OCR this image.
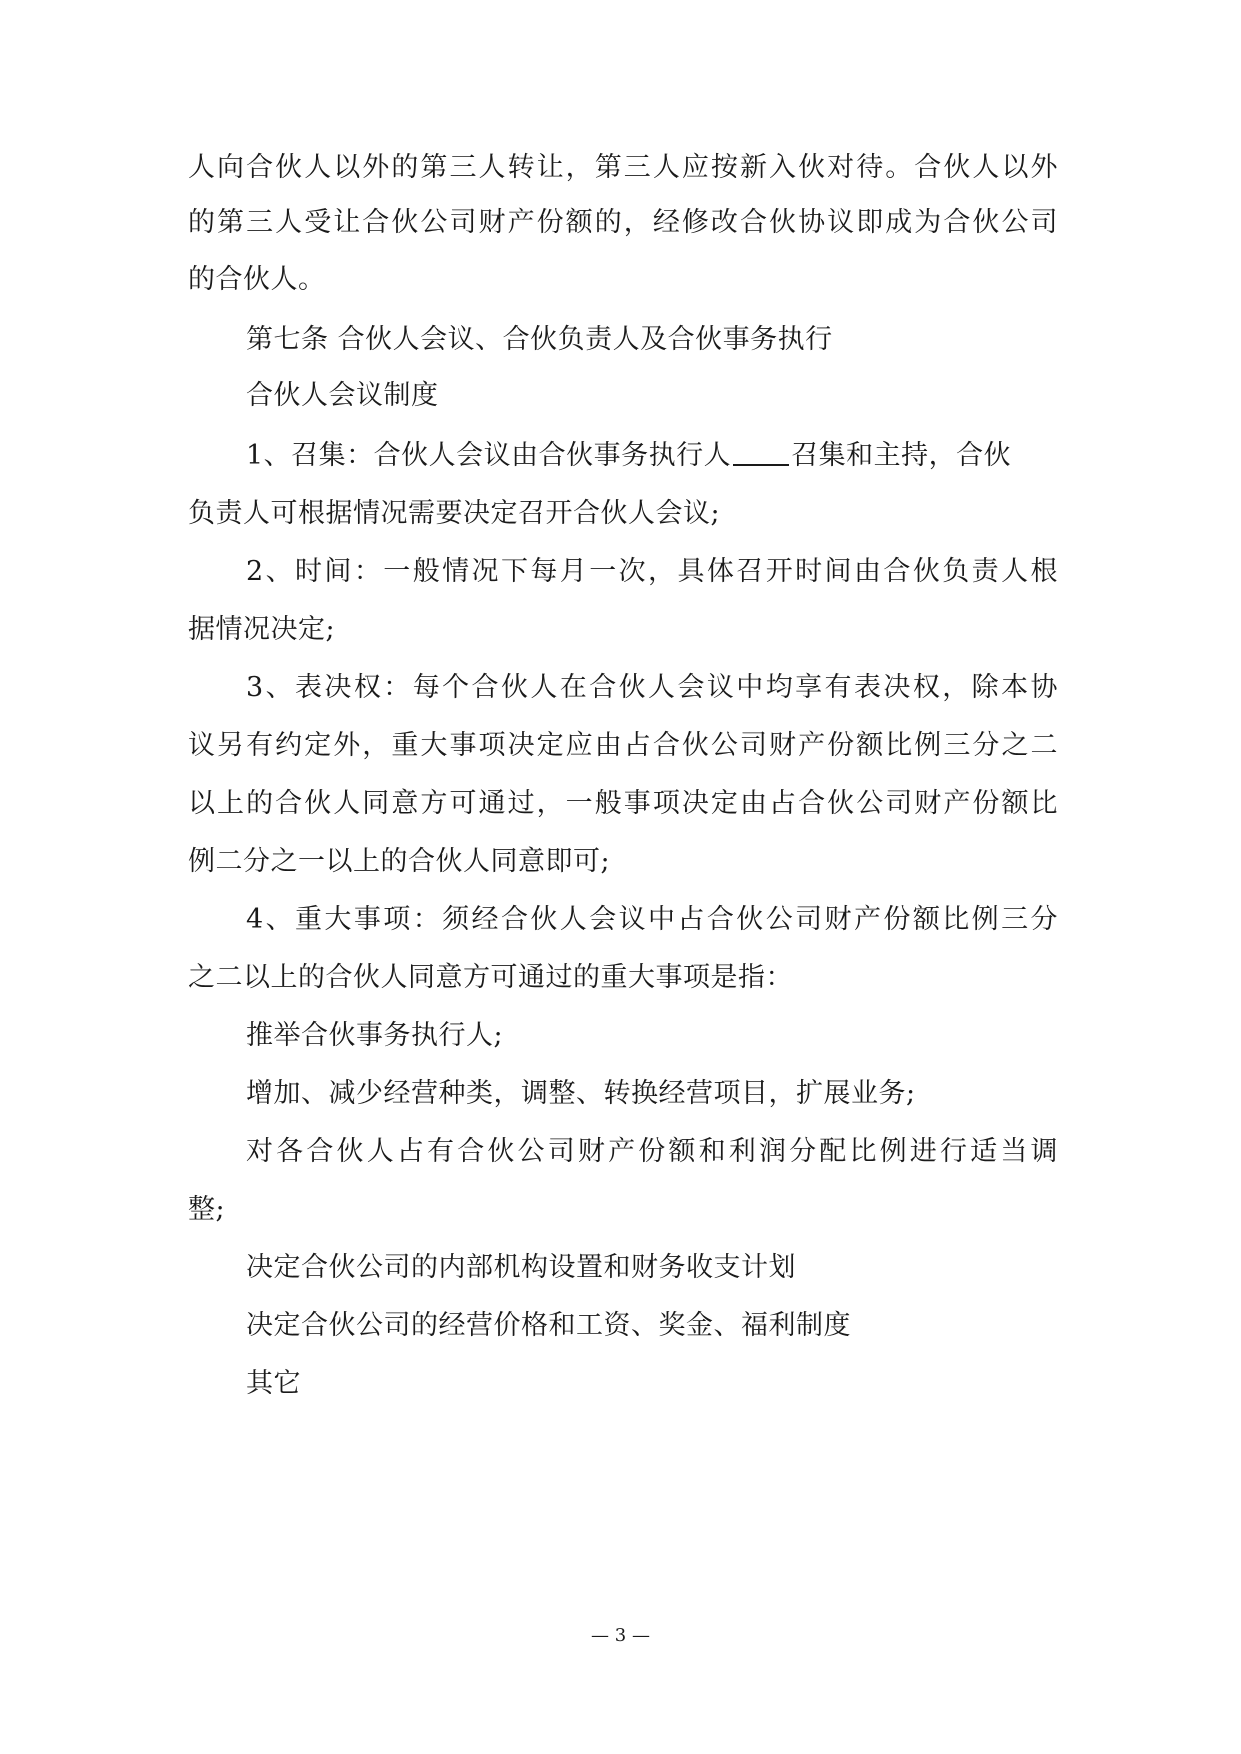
人向合伙人以外的第三人转让，第三人应按新入伙对待。合伙人以外
的第三人受让合伙公司财产份额的，经修改合伙协议即成为合伙公司
的合伙人。
第七条 合伙人会议、合伙负责人及合伙事务执行
合伙人会议制度
1、召集：合伙人会议由合伙事务执行人 召集和主持，合伙
负责人可根据情况需要决定召开合伙人会议;
2、时间：一般情况下每月一次，具体召开时间由合伙负责人根
据情况决定;
3、表决权：每个合伙人在合伙人会议中均享有表决权，除本协
议另有约定外，重大事项决定应由占合伙公司财产份额比例三分之二
以上的合伙人同意方可通过，一般事项决定由占合伙公司财产份额比
例二分之一以上的合伙人同意即可;
4、重大事项：须经合伙人会议中占合伙公司财产份额比例三分
之二以上的合伙人同意方可通过的重大事项是指：
推举合伙事务执行人;
增加、减少经营种类，调整、转换经营项目，扩展业务;
对各合伙人占有合伙公司财产份额和利润分配比例进行适当调
整;
决定合伙公司的内部机构设置和财务收支计划
决定合伙公司的经营价格和工资、奖金、福利制度
其它
— 3 —
